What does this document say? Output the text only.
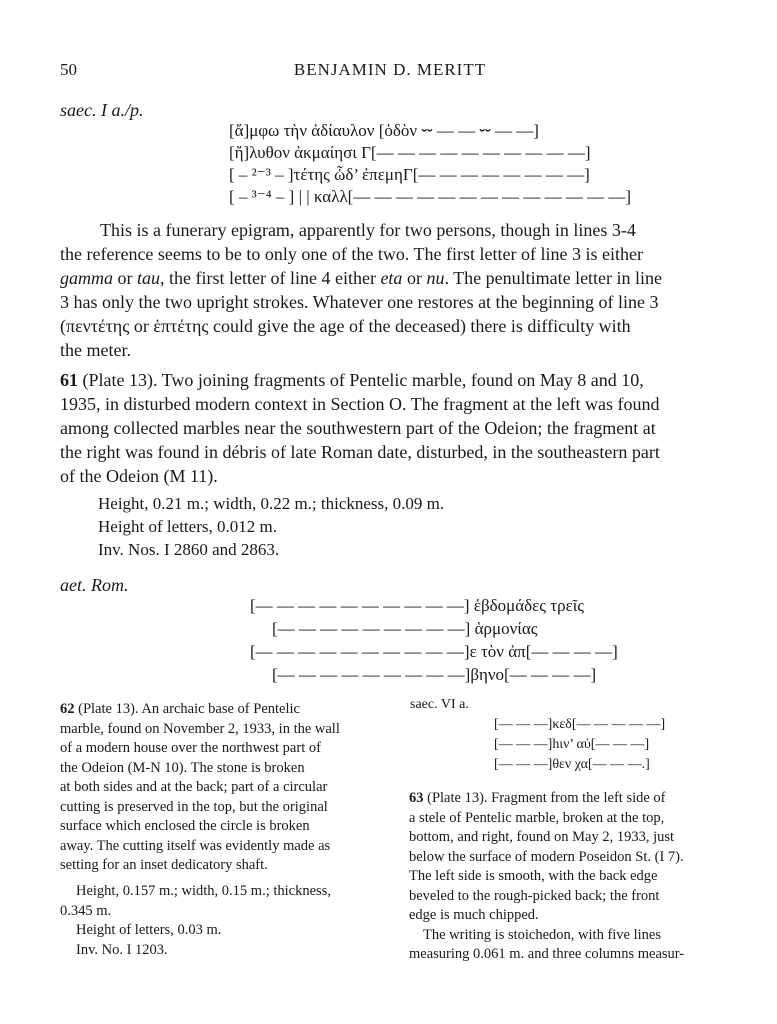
50	BENJAMIN D. MERITT
saec. I a./p.
[ἄ]μφω τὴν ἀδίαυλον [ὁδὸν ⏑⏑ — — ⏑⏑ — —]
[ἤ]λυθον ἀκμαίησι Γ[— — — — — — — — — —]
[ – ²⁻³ – ]τέτης ὧδ’ ἐπεμηΓ[— — — — — — — —]
[ – ³⁻⁴ – ] | | καλλ[— — — — — — — — — — — — —]
This is a funerary epigram, apparently for two persons, though in lines 3-4
the reference seems to be to only one of the two. The first letter of line 3 is either
gamma or tau, the first letter of line 4 either eta or nu. The penultimate letter in line
3 has only the two upright strokes. Whatever one restores at the beginning of line 3
(πεντέτης or ἑπτέτης could give the age of the deceased) there is difficulty with
the meter.
61 (Plate 13). Two joining fragments of Pentelic marble, found on May 8 and 10,
1935, in disturbed modern context in Section O. The fragment at the left was found
among collected marbles near the southwestern part of the Odeion; the fragment at
the right was found in débris of late Roman date, disturbed, in the southeastern part
of the Odeion (M 11).
Height, 0.21 m.; width, 0.22 m.; thickness, 0.09 m.
Height of letters, 0.012 m.
Inv. Nos. I 2860 and 2863.
aet. Rom.
[— — — — — — — — — —] ἑβδομάδες τρεῖς
[— — — — — — — — —] ἁρμονίας
[— — — — — — — — — —]ε τὸν ἀπ[— — — —]
[— — — — — — — — —]βηνο[— — — —]
62 (Plate 13). An archaic base of Pentelic
marble, found on November 2, 1933, in the wall
of a modern house over the northwest part of
the Odeion (M-N 10). The stone is broken
at both sides and at the back; part of a circular
cutting is preserved in the top, but the original
surface which enclosed the circle is broken
away. The cutting itself was evidently made as
setting for an inset dedicatory shaft.
Height, 0.157 m.; width, 0.15 m.; thickness,
0.345 m.
Height of letters, 0.03 m.
Inv. No. I 1203.
saec. VI a.
[— — —]κεδ[— — — — —]
[— — —]hιν’ αὐ[— — —]
[— — —]θεν χα[— — —.]
63 (Plate 13). Fragment from the left side of
a stele of Pentelic marble, broken at the top,
bottom, and right, found on May 2, 1933, just
below the surface of modern Poseidon St. (I 7).
The left side is smooth, with the back edge
beveled to the rough-picked back; the front
edge is much chipped.
The writing is stoichedon, with five lines
measuring 0.061 m. and three columns measur-
